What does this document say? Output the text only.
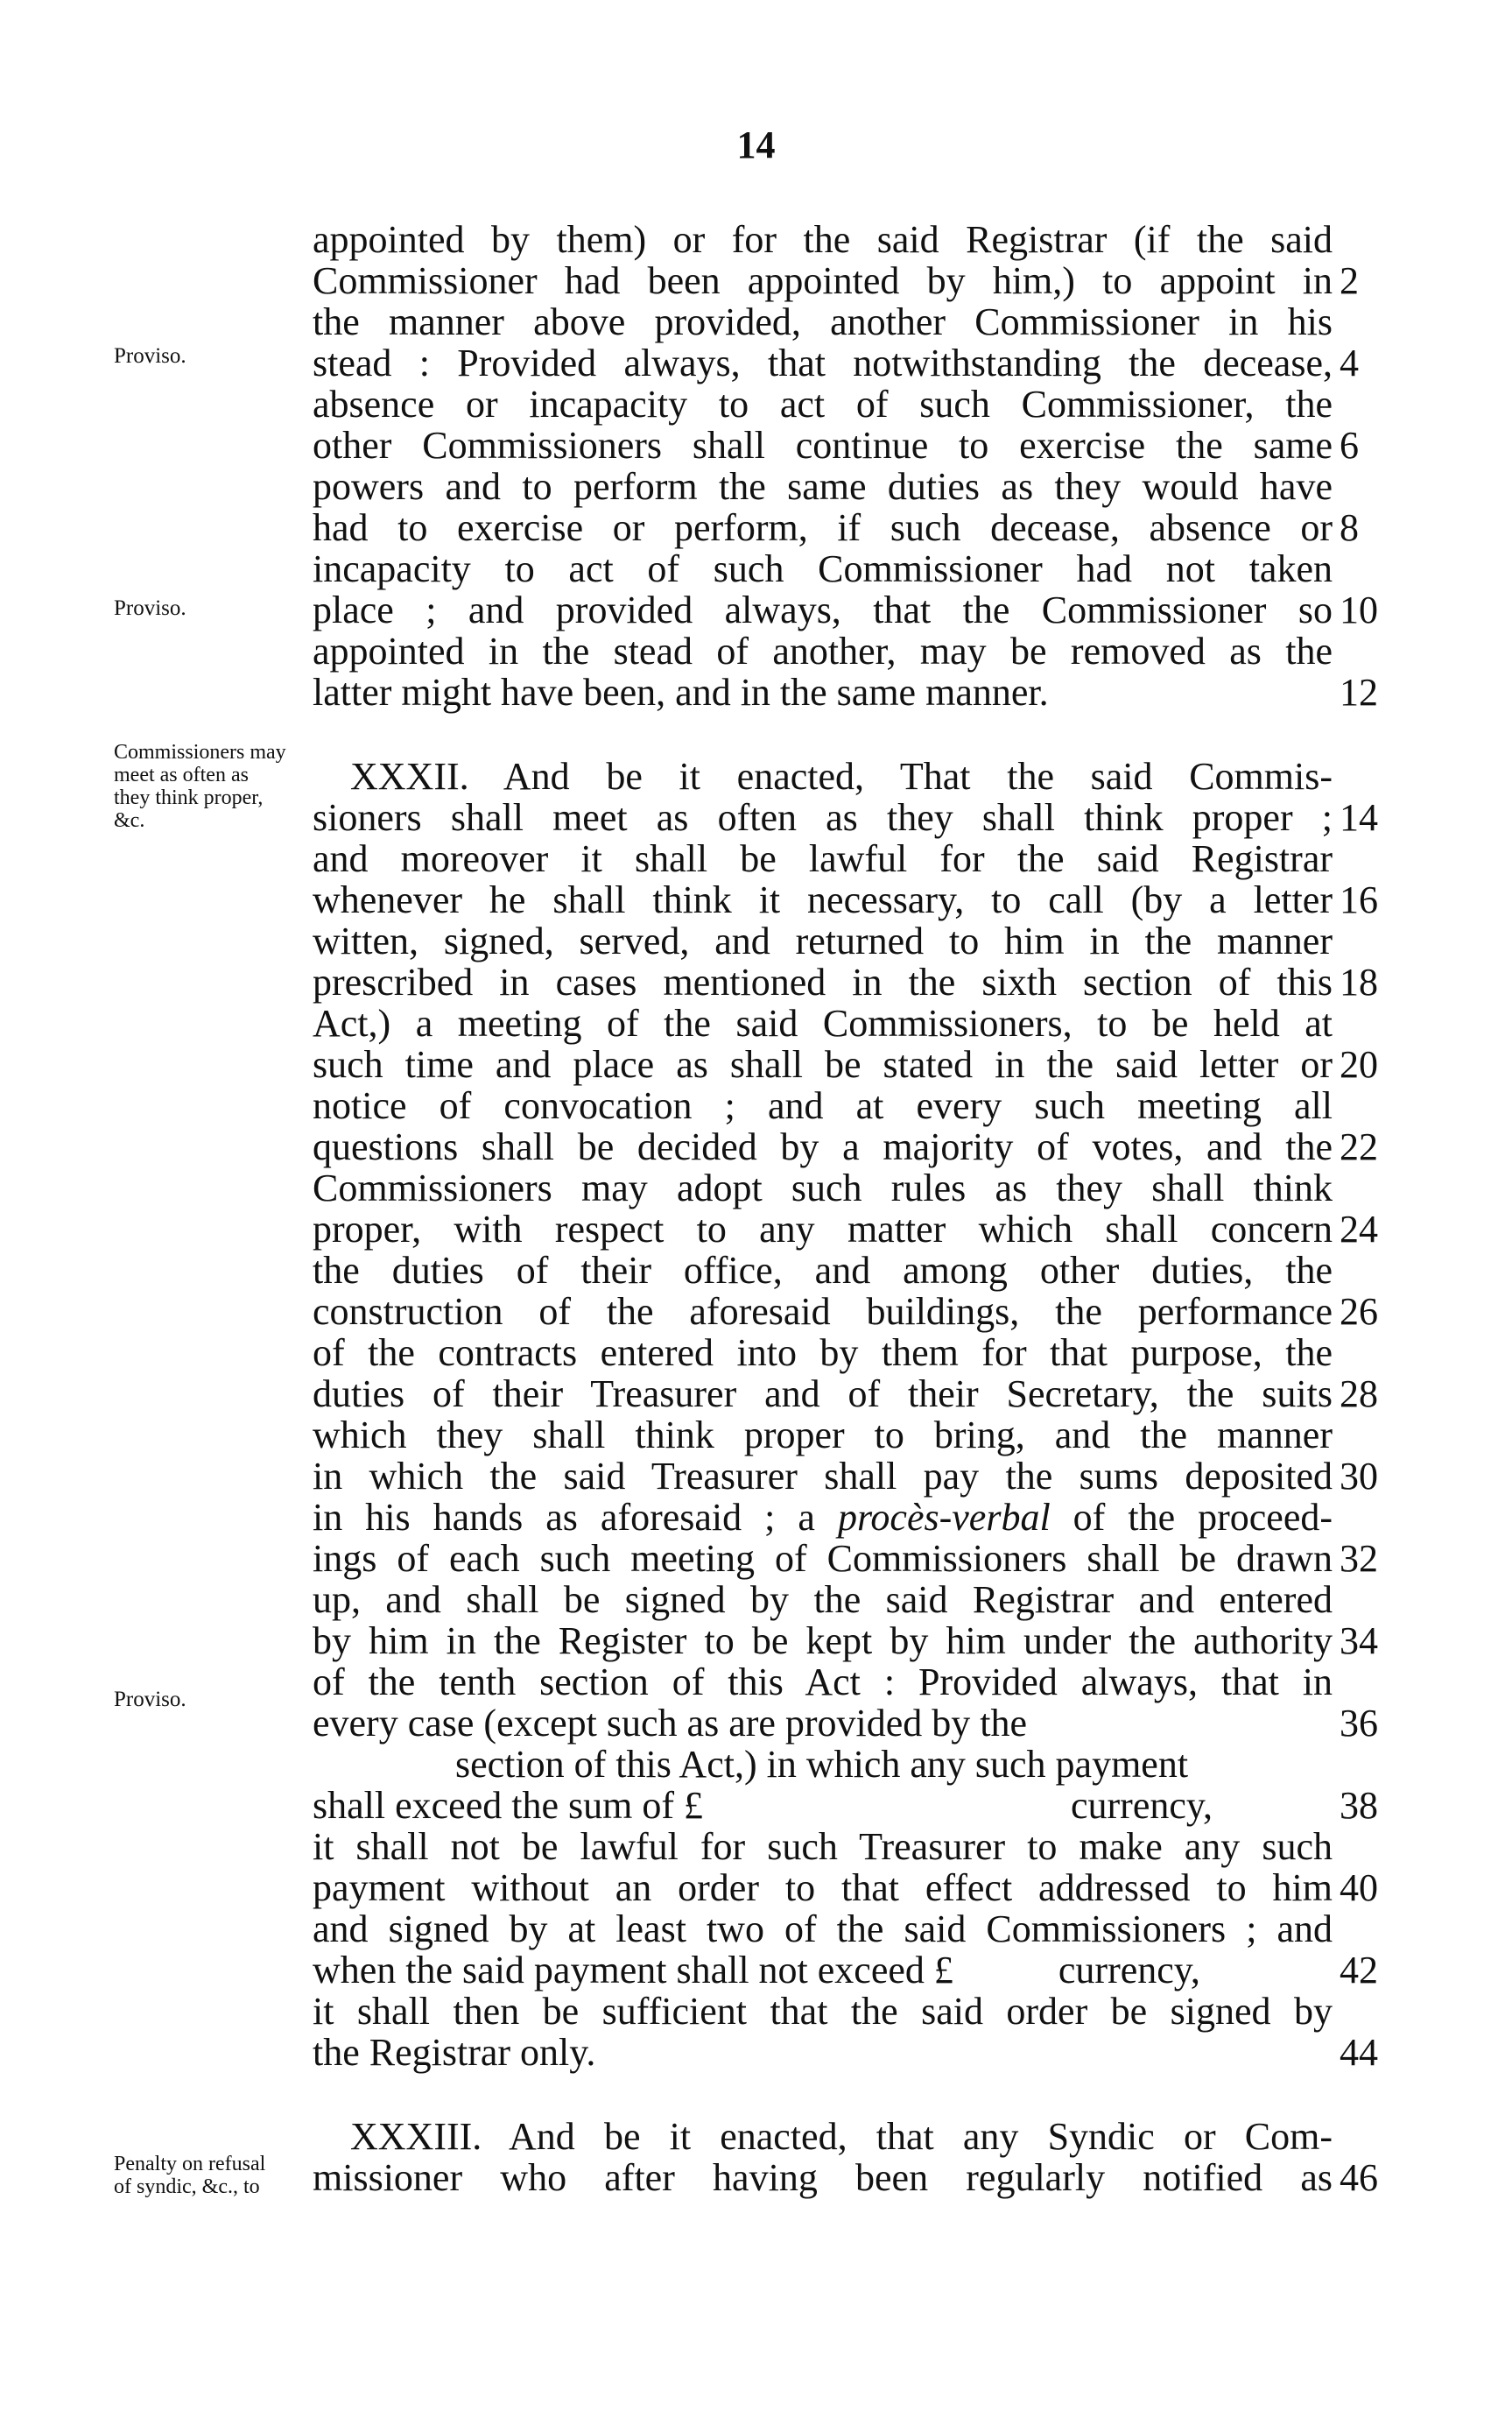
14
Proviso.
Proviso.
Commissioners may meet as often as they think proper, &c.
Proviso.
Penalty on refusal of syndic, &c., to
appointed by them) or for the said Registrar (if the said
Commissioner had been appointed by him,) to appoint in
the manner above provided, another Commissioner in his
stead : Provided always, that notwithstanding the decease,
absence or incapacity to act of such Commissioner, the
other Commissioners shall continue to exercise the same
powers and to perform the same duties as they would have
had to exercise or perform, if such decease, absence or
incapacity to act of such Commissioner had not taken
place ; and provided always, that the Commissioner so
appointed in the stead of another, may be removed as the
latter might have been, and in the same manner.
XXXII. And be it enacted, That the said Commis-
sioners shall meet as often as they shall think proper ;
and moreover it shall be lawful for the said Registrar
whenever he shall think it necessary, to call (by a letter
witten, signed, served, and returned to him in the manner
prescribed in cases mentioned in the sixth section of this
Act,) a meeting of the said Commissioners, to be held at
such time and place as shall be stated in the said letter or
notice of convocation ; and at every such meeting all
questions shall be decided by a majority of votes, and the
Commissioners may adopt such rules as they shall think
proper, with respect to any matter which shall concern
the duties of their office, and among other duties, the
construction of the aforesaid buildings, the performance
of the contracts entered into by them for that purpose, the
duties of their Treasurer and of their Secretary, the suits
which they shall think proper to bring, and the manner
in which the said Treasurer shall pay the sums deposited
in his hands as aforesaid ; a procès-verbal of the proceed-
ings of each such meeting of Commissioners shall be drawn
up, and shall be signed by the said Registrar and entered
by him in the Register to be kept by him under the authority
of the tenth section of this Act : Provided always, that in
every case (except such as are provided by the
section of this Act,) in which any such payment
shall exceed the sum of £	currency,
it shall not be lawful for such Treasurer to make any such
payment without an order to that effect addressed to him
and signed by at least two of the said Commissioners ; and
when the said payment shall not exceed £	currency,
it shall then be sufficient that the said order be signed by
the Registrar only.
XXXIII. And be it enacted, that any Syndic or Com-
missioner who after having been regularly notified as
2
4
6
8
10
12
14
16
18
20
22
24
26
28
30
32
34
36
38
40
42
44
46
